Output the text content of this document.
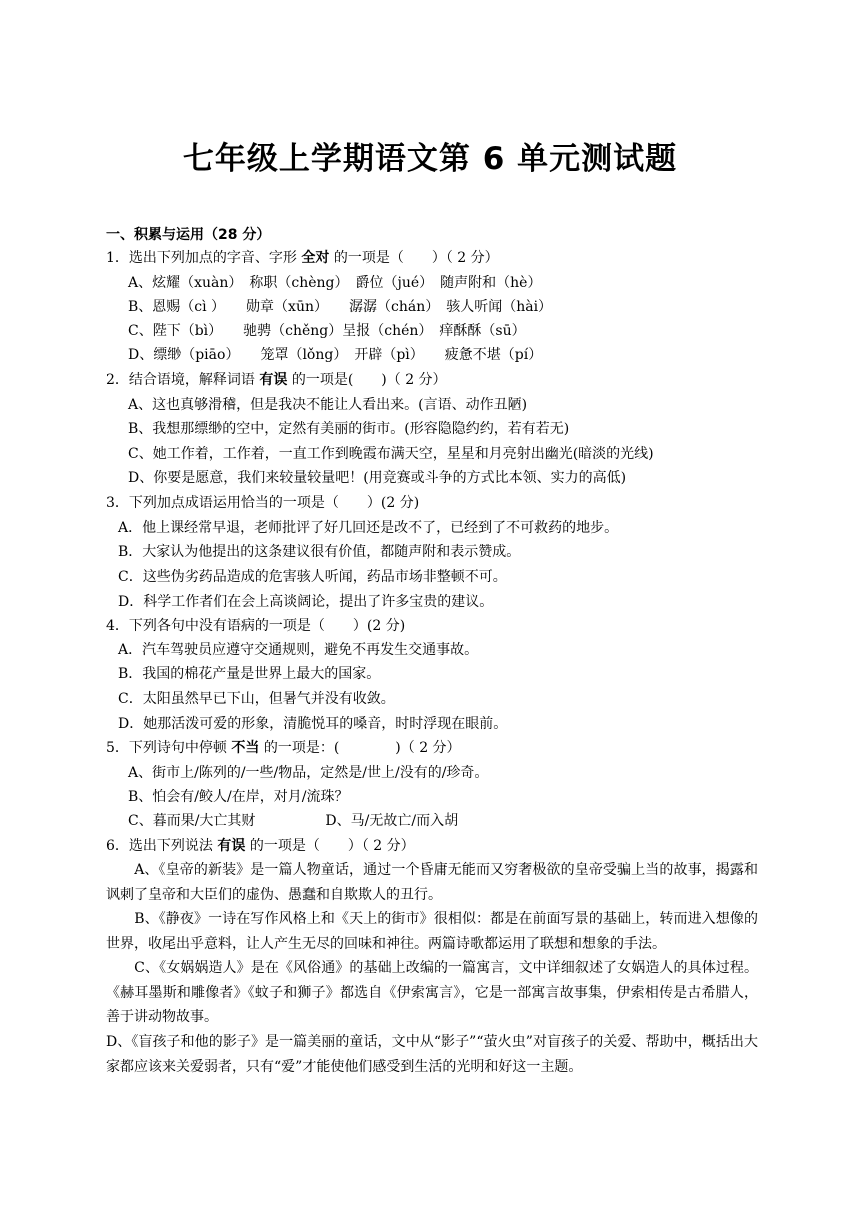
七年级上学期语文第 6 单元测试题
一、积累与运用（28 分）
1．选出下列加点的字音、字形 全对 的一项是（　　）（ 2 分）
A、炫耀（xuàn）　称职（chèng）　爵位（jué）　随声附和（hè）
B、恩赐（cì ）　　勋章（xūn）　　潺潺（chán）　骇人听闻（hài）
C、陛下（bì）　　驰骋（chěng）呈报（chén）　痒酥酥（sū）
D、缥缈（piāo）　　笼罩（lǒng）　开辟（pì）　　疲惫不堪（pí）
2．结合语境，解释词语 有误 的一项是(　　)（ 2 分）
A、这也真够滑稽，但是我决不能让人看出来。(言语、动作丑陋)
B、我想那缥缈的空中，定然有美丽的街市。(形容隐隐约约，若有若无)
C、她工作着，工作着，一直工作到晚霞布满天空，星星和月亮射出幽光(暗淡的光线)
D、你要是愿意，我们来较量较量吧！(用竞赛或斗争的方式比本领、实力的高低)
3．下列加点成语运用恰当的一项是（　　）(2 分)
A．他上课经常早退，老师批评了好几回还是改不了，已经到了不可救药的地步。
B．大家认为他提出的这条建议很有价值，都随声附和表示赞成。
C．这些伪劣药品造成的危害骇人听闻，药品市场非整顿不可。
D．科学工作者们在会上高谈阔论，提出了许多宝贵的建议。
4．下列各句中没有语病的一项是（　　）(2 分)
A．汽车驾驶员应遵守交通规则，避免不再发生交通事故。
B．我国的棉花产量是世界上最大的国家。
C．太阳虽然早已下山，但暑气并没有收敛。
D．她那活泼可爱的形象，清脆悦耳的嗓音，时时浮现在眼前。
5．下列诗句中停顿 不当 的一项是：(　　　　)（ 2 分）
A、街市上/陈列的/一些/物品，定然是/世上/没有的/珍奇。
B、怕会有/鲛人/在岸，对月/流珠？
C、暮而果/大亡其财　　　　　D、马/无故亡/而入胡
6．选出下列说法 有误 的一项是（　　）（ 2 分）
　　A、《皇帝的新装》是一篇人物童话，通过一个昏庸无能而又穷奢极欲的皇帝受骗上当的故事，揭露和讽刺了皇帝和大臣们的虚伪、愚蠢和自欺欺人的丑行。
　　B、《静夜》一诗在写作风格上和《天上的街市》很相似：都是在前面写景的基础上，转而进入想像的世界，收尾出乎意料，让人产生无尽的回味和神往。两篇诗歌都运用了联想和想象的手法。
　　C、《女娲娲造人》是在《风俗通》的基础上改编的一篇寓言，文中详细叙述了女娲造人的具体过程。《赫耳墨斯和雕像者》《蚊子和狮子》都选自《伊索寓言》，它是一部寓言故事集，伊索相传是古希腊人，善于讲动物故事。
D、《盲孩子和他的影子》是一篇美丽的童话，文中从“影子”“萤火虫”对盲孩子的关爱、帮助中，概括出大家都应该来关爱弱者，只有“爱”才能使他们感受到生活的光明和好这一主题。
